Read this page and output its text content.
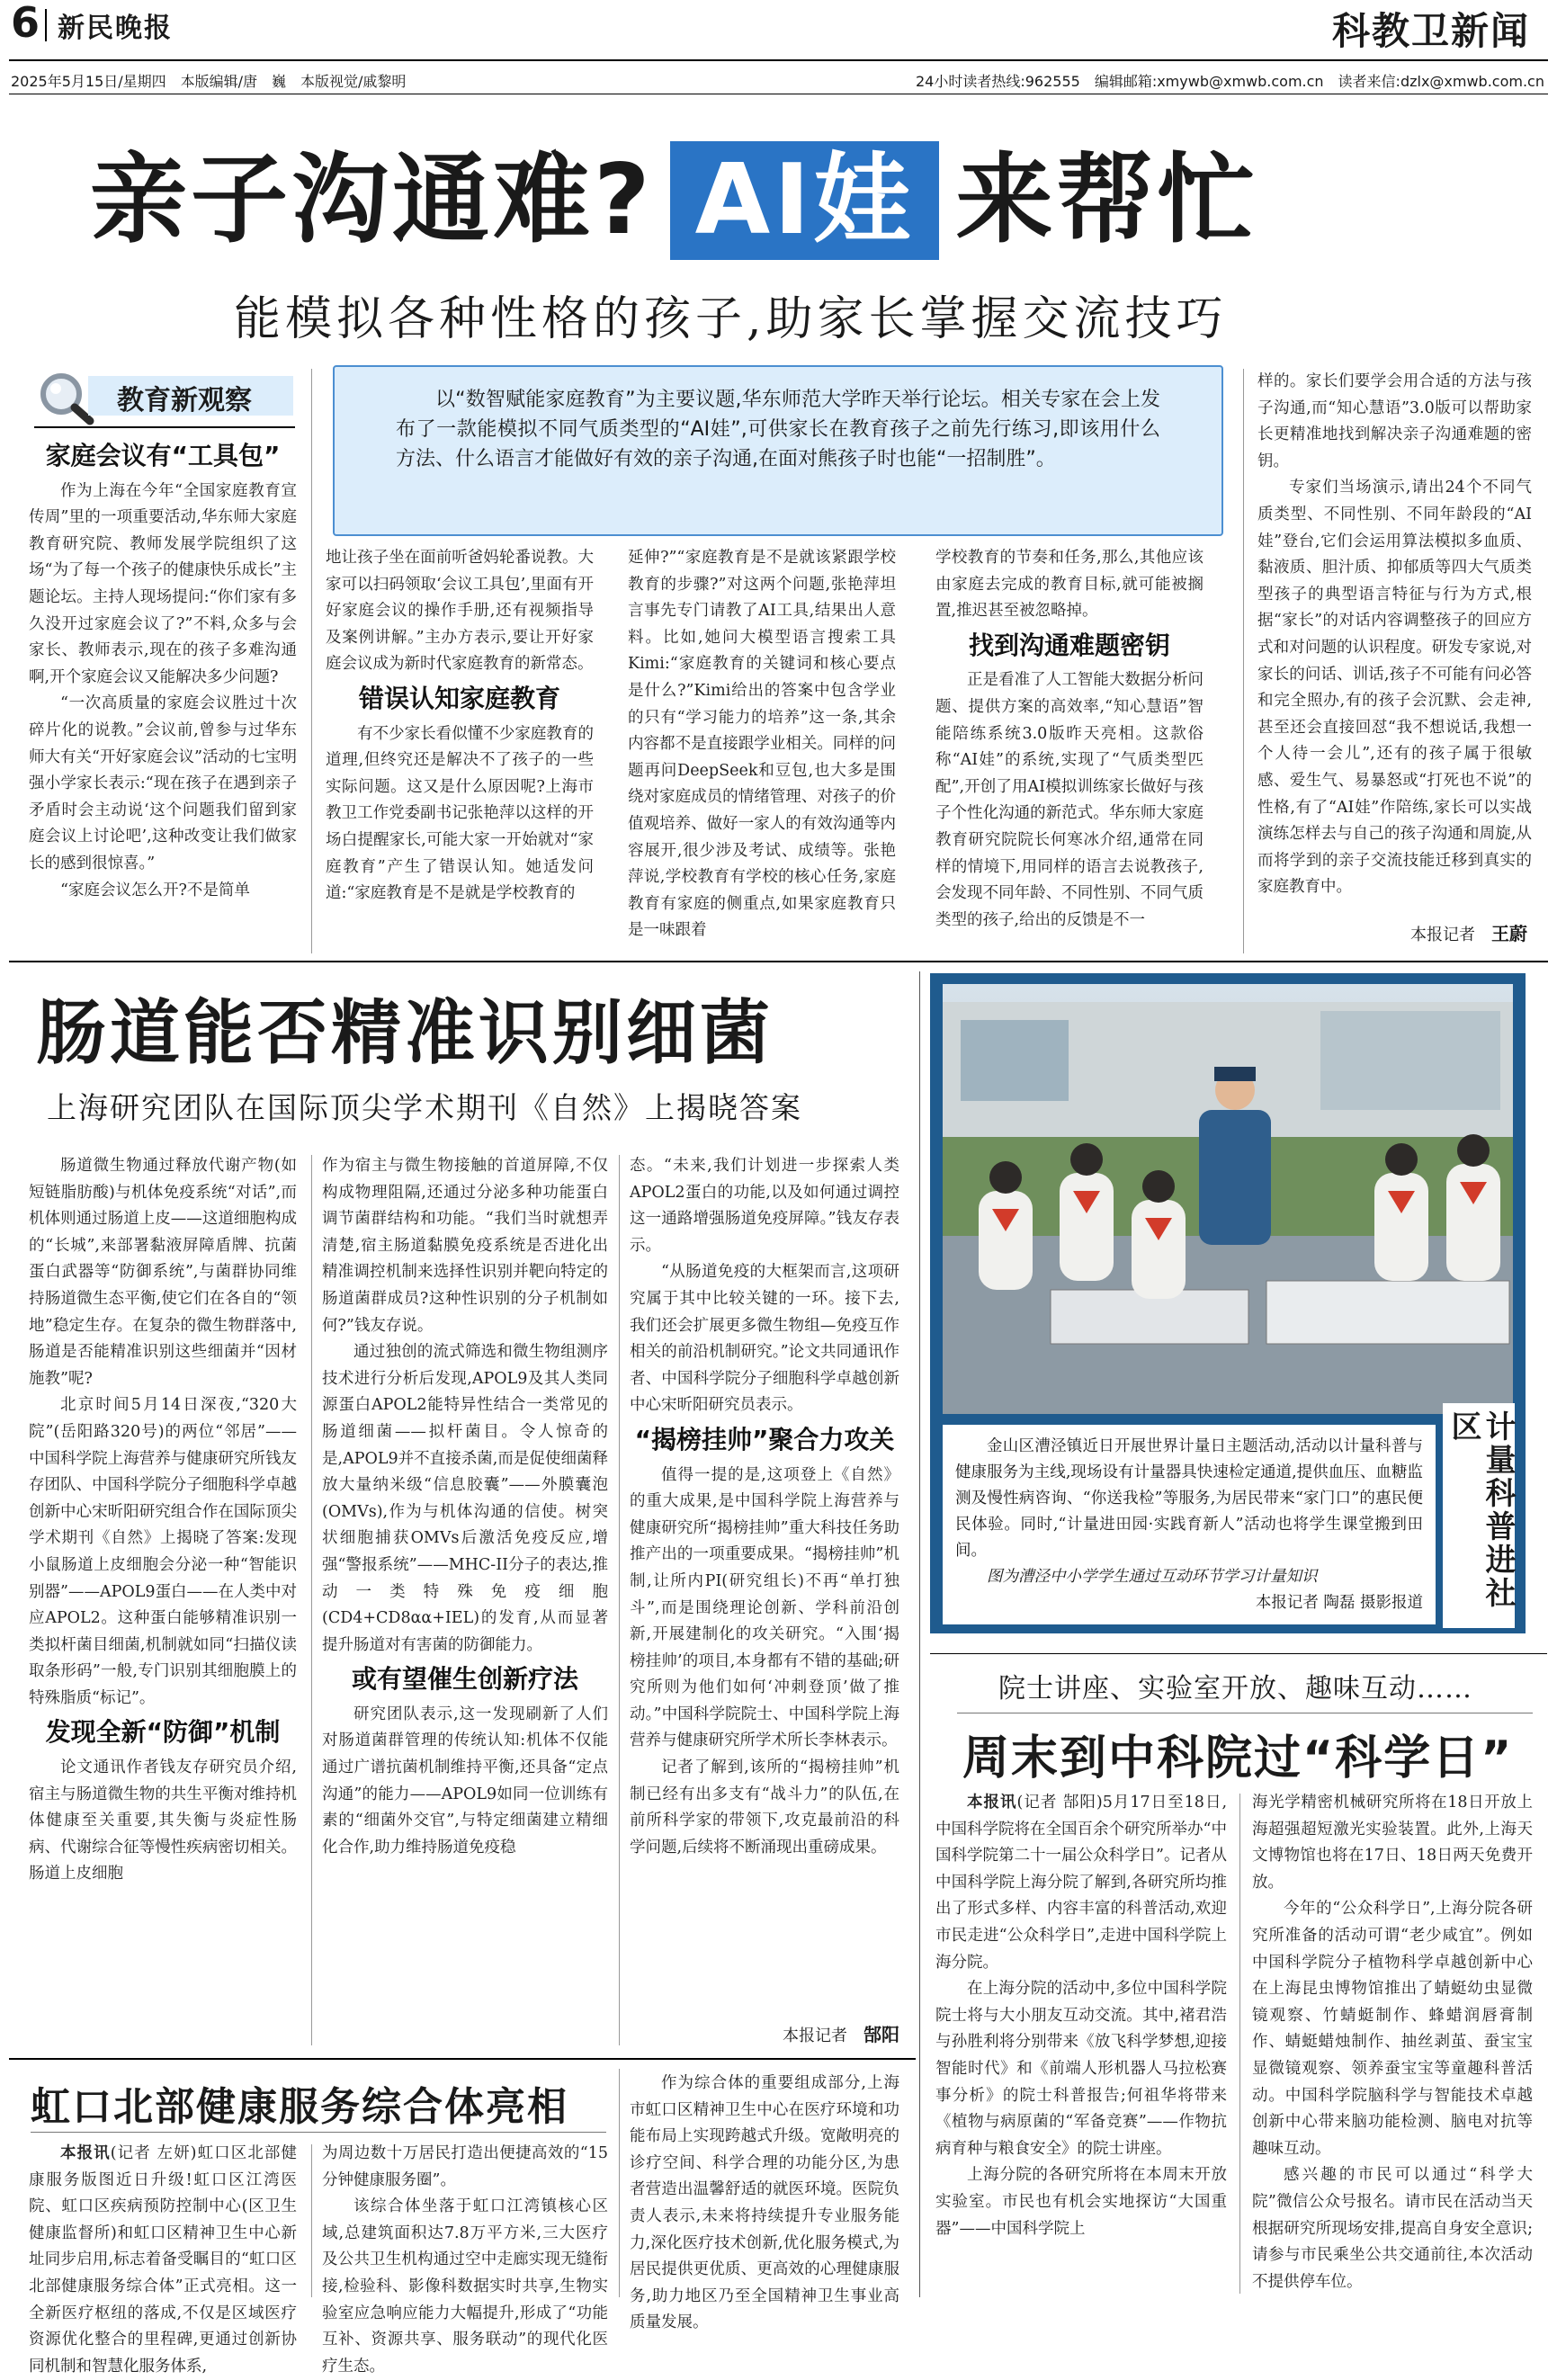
6 新民晚报	科教卫新闻
2025年5月15日/星期四　本版编辑/唐　巍　本版视觉/戚黎明	24小时读者热线:962555　编辑邮箱:xmywb@xmwb.com.cn　读者来信:dzlx@xmwb.com.cn
亲子沟通难? AI娃 来帮忙
能模拟各种性格的孩子,助家长掌握交流技巧
教育新观察	以“数智赋能家庭教育”为主要议题,华东师范大学昨天举行论坛。相关专家在会上发布了一款能模拟不同气质类型的“AI娃”,可供家长在教育孩子之前先行练习,即该用什么方法、什么语言才能做好有效的亲子沟通,在面对熊孩子时也能“一招制胜”。

家庭会议有“工具包”

作为上海在今年“全国家庭教育宣传周”里的一项重要活动,华东师大家庭教育研究院、教师发展学院组织了这场“为了每一个孩子的健康快乐成长”主题论坛。主持人现场提问:“你们家有多久没开过家庭会议了?”不料,众多与会家长、教师表示,现在的孩子多难沟通啊,开个家庭会议又能解决多少问题?

“一次高质量的家庭会议胜过十次碎片化的说教。”会议前,曾参与过华东师大有关“开好家庭会议”活动的七宝明强小学家长表示:“现在孩子在遇到亲子矛盾时会主动说‘这个问题我们留到家庭会议上讨论吧’,这种改变让我们做家长的感到很惊喜。”

“家庭会议怎么开?不是简单

地让孩子坐在面前听爸妈轮番说教。大家可以扫码领取‘会议工具包’,里面有开好家庭会议的操作手册,还有视频指导及案例讲解。”主办方表示,要让开好家庭会议成为新时代家庭教育的新常态。

错误认知家庭教育

有不少家长看似懂不少家庭教育的道理,但终究还是解决不了孩子的一些实际问题。这又是什么原因呢?上海市教卫工作党委副书记张艳萍以这样的开场白提醒家长,可能大家一开始就对“家庭教育”产生了错误认知。她适发问道:“家庭教育是不是就是学校教育的

延伸?”“家庭教育是不是就该紧跟学校教育的步骤?”对这两个问题,张艳萍坦言事先专门请教了AI工具,结果出人意料。比如,她问大模型语言搜索工具Kimi:“家庭教育的关键词和核心要点是什么?”Kimi给出的答案中包含学业的只有“学习能力的培养”这一条,其余内容都不是直接跟学业相关。同样的问题再问DeepSeek和豆包,也大多是围绕对家庭成员的情绪管理、对孩子的价值观培养、做好一家人的有效沟通等内容展开,很少涉及考试、成绩等。张艳萍说,学校教育有学校的核心任务,家庭教育有家庭的侧重点,如果家庭教育只是一味跟着

学校教育的节奏和任务,那么,其他应该由家庭去完成的教育目标,就可能被搁置,推迟甚至被忽略掉。

找到沟通难题密钥

正是看准了人工智能大数据分析问题、提供方案的高效率,“知心慧语”智能陪练系统3.0版昨天亮相。这款俗称“AI娃”的系统,实现了“气质类型匹配”,开创了用AI模拟训练家长做好与孩子个性化沟通的新范式。华东师大家庭教育研究院院长何寒冰介绍,通常在同样的情境下,用同样的语言去说教孩子,会发现不同年龄、不同性别、不同气质类型的孩子,给出的反馈是不一

样的。家长们要学会用合适的方法与孩子沟通,而“知心慧语”3.0版可以帮助家长更精准地找到解决亲子沟通难题的密钥。

专家们当场演示,请出24个不同气质类型、不同性别、不同年龄段的“AI娃”登台,它们会运用算法模拟多血质、黏液质、胆汁质、抑郁质等四大气质类型孩子的典型语言特征与行为方式,根据“家长”的对话内容调整孩子的回应方式和对问题的认识程度。研发专家说,对家长的问话、训话,孩子不可能有问必答和完全照办,有的孩子会沉默、会走神,甚至还会直接回怼“我不想说话,我想一个人待一会儿”,还有的孩子属于很敏感、爱生气、易暴怒或“打死也不说”的性格,有了“AI娃”作陪练,家长可以实战演练怎样去与自己的孩子沟通和周旋,从而将学到的亲子交流技能迁移到真实的家庭教育中。

本报记者　 王蔚
肠道能否精准识别细菌
上海研究团队在国际顶尖学术期刊《自然》上揭晓答案

肠道微生物通过释放代谢产物(如短链脂肪酸)与机体免疫系统“对话”,而机体则通过肠道上皮——这道细胞构成的“长城”,来部署黏液屏障盾牌、抗菌蛋白武器等“防御系统”,与菌群协同维持肠道微生态平衡,使它们在各自的“领地”稳定生存。在复杂的微生物群落中,肠道是否能精准识别这些细菌并“因材施教”呢?

北京时间5月14日深夜,“320大院”(岳阳路320号)的两位“邻居”——中国科学院上海营养与健康研究所钱友存团队、中国科学院分子细胞科学卓越创新中心宋昕阳研究组合作在国际顶尖学术期刊《自然》上揭晓了答案:发现小鼠肠道上皮细胞会分泌一种“智能识别器”——APOL9蛋白——在人类中对应APOL2。这种蛋白能够精准识别一类拟杆菌目细菌,机制就如同“扫描仪读取条形码”一般,专门识别其细胞膜上的特殊脂质“标记”。

发现全新“防御”机制

论文通讯作者钱友存研究员介绍,宿主与肠道微生物的共生平衡对维持机体健康至关重要,其失衡与炎症性肠病、代谢综合征等慢性疾病密切相关。肠道上皮细胞

作为宿主与微生物接触的首道屏障,不仅构成物理阻隔,还通过分泌多种功能蛋白调节菌群结构和功能。“我们当时就想弄清楚,宿主肠道黏膜免疫系统是否进化出精准调控机制来选择性识别并靶向特定的肠道菌群成员?这种性识别的分子机制如何?”钱友存说。

通过独创的流式筛选和微生物组测序技术进行分析后发现,APOL9及其人类同源蛋白APOL2能特异性结合一类常见的肠道细菌——拟杆菌目。令人惊奇的是,APOL9并不直接杀菌,而是促使细菌释放大量纳米级“信息胶囊”——外膜囊泡(OMVs),作为与机体沟通的信使。树突状细胞捕获OMVs后激活免疫反应,增强“警报系统”——MHC-II分子的表达,推动一类特殊免疫细胞(CD4+CD8αα+IEL)的发育,从而显著提升肠道对有害菌的防御能力。

或有望催生创新疗法

研究团队表示,这一发现刷新了人们对肠道菌群管理的传统认知:机体不仅能通过广谱抗菌机制维持平衡,还具备“定点沟通”的能力——APOL9如同一位训练有素的“细菌外交官”,与特定细菌建立精细化合作,助力维持肠道免疫稳

态。“未来,我们计划进一步探索人类APOL2蛋白的功能,以及如何通过调控这一通路增强肠道免疫屏障。”钱友存表示。

“从肠道免疫的大框架而言,这项研究属于其中比较关键的一环。接下去,我们还会扩展更多微生物组—免疫互作相关的前沿机制研究。”论文共同通讯作者、中国科学院分子细胞科学卓越创新中心宋昕阳研究员表示。

“揭榜挂帅”聚合力攻关

值得一提的是,这项登上《自然》的重大成果,是中国科学院上海营养与健康研究所“揭榜挂帅”重大科技任务助推产出的一项重要成果。“揭榜挂帅”机制,让所内PI(研究组长)不再“单打独斗”,而是围绕理论创新、学科前沿创新,开展建制化的攻关研究。“入围‘揭榜挂帅’的项目,本身都有不错的基础;研究所则为他们如何‘冲刺登顶’做了推动。”中国科学院院士、中国科学院上海营养与健康研究所学术所长李林表示。

记者了解到,该所的“揭榜挂帅”机制已经有出多支有“战斗力”的队伍,在前所科学家的带领下,攻克最前沿的科学问题,后续将不断涌现出重磅成果。

本报记者　 郜阳

金山区漕泾镇近日开展世界计量日主题活动,活动以计量科普与健康服务为主线,现场设有计量器具快速检定通道,提供血压、血糖监测及慢性病咨询、“你送我检”等服务,为居民带来“家门口”的惠民便民体验。同时,“计量进田园·实践育新人”活动也将学生课堂搬到田间。

图为漕泾中小学学生通过互动环节学习计量知识

本报记者 陶磊 摄影报道	计量科普进社区
院士讲座、实验室开放、趣味互动……
周末到中科院过“科学日”

本报讯(记者 郜阳)5月17日至18日,中国科学院将在全国百余个研究所举办“中国科学院第二十一届公众科学日”。记者从中国科学院上海分院了解到,各研究所均推出了形式多样、内容丰富的科普活动,欢迎市民走进“公众科学日”,走进中国科学院上海分院。

在上海分院的活动中,多位中国科学院院士将与大小朋友互动交流。其中,褚君浩与孙胜利将分别带来《放飞科学梦想,迎接智能时代》和《前端人形机器人马拉松赛事分析》的院士科普报告;何祖华将带来《植物与病原菌的“军备竞赛”——作物抗病育种与粮食安全》的院士讲座。

上海分院的各研究所将在本周末开放实验室。市民也有机会实地探访“大国重器”——中国科学院上

海光学精密机械研究所将在18日开放上海超强超短激光实验装置。此外,上海天文博物馆也将在17日、18日两天免费开放。

今年的“公众科学日”,上海分院各研究所准备的活动可谓“老少咸宜”。例如中国科学院分子植物科学卓越创新中心在上海昆虫博物馆推出了蜻蜓幼虫显微镜观察、竹蜻蜓制作、蜂蜡润唇膏制作、蜻蜓蜡烛制作、抽丝剥茧、蚕宝宝显微镜观察、领养蚕宝宝等童趣科普活动。中国科学院脑科学与智能技术卓越创新中心带来脑功能检测、脑电对抗等趣味互动。

感兴趣的市民可以通过“科学大院”微信公众号报名。请市民在活动当天根据研究所现场安排,提高自身安全意识;请参与市民乘坐公共交通前往,本次活动不提供停车位。

虹口北部健康服务综合体亮相

本报讯(记者 左妍)虹口区北部健康服务版图近日升级!虹口区江湾医院、虹口区疾病预防控制中心(区卫生健康监督所)和虹口区精神卫生中心新址同步启用,标志着备受瞩目的“虹口区北部健康服务综合体”正式亮相。这一全新医疗枢纽的落成,不仅是区域医疗资源优化整合的里程碑,更通过创新协同机制和智慧化服务体系,

为周边数十万居民打造出便捷高效的“15分钟健康服务圈”。

该综合体坐落于虹口江湾镇核心区域,总建筑面积达7.8万平方米,三大医疗及公共卫生机构通过空中走廊实现无缝衔接,检验科、影像科数据实时共享,生物实验室应急响应能力大幅提升,形成了“功能互补、资源共享、服务联动”的现代化医疗生态。

作为综合体的重要组成部分,上海市虹口区精神卫生中心在医疗环境和功能布局上实现跨越式升级。宽敞明亮的诊疗空间、科学合理的功能分区,为患者营造出温馨舒适的就医环境。医院负责人表示,未来将持续提升专业服务能力,深化医疗技术创新,优化服务模式,为居民提供更优质、更高效的心理健康服务,助力地区乃至全国精神卫生事业高质量发展。
